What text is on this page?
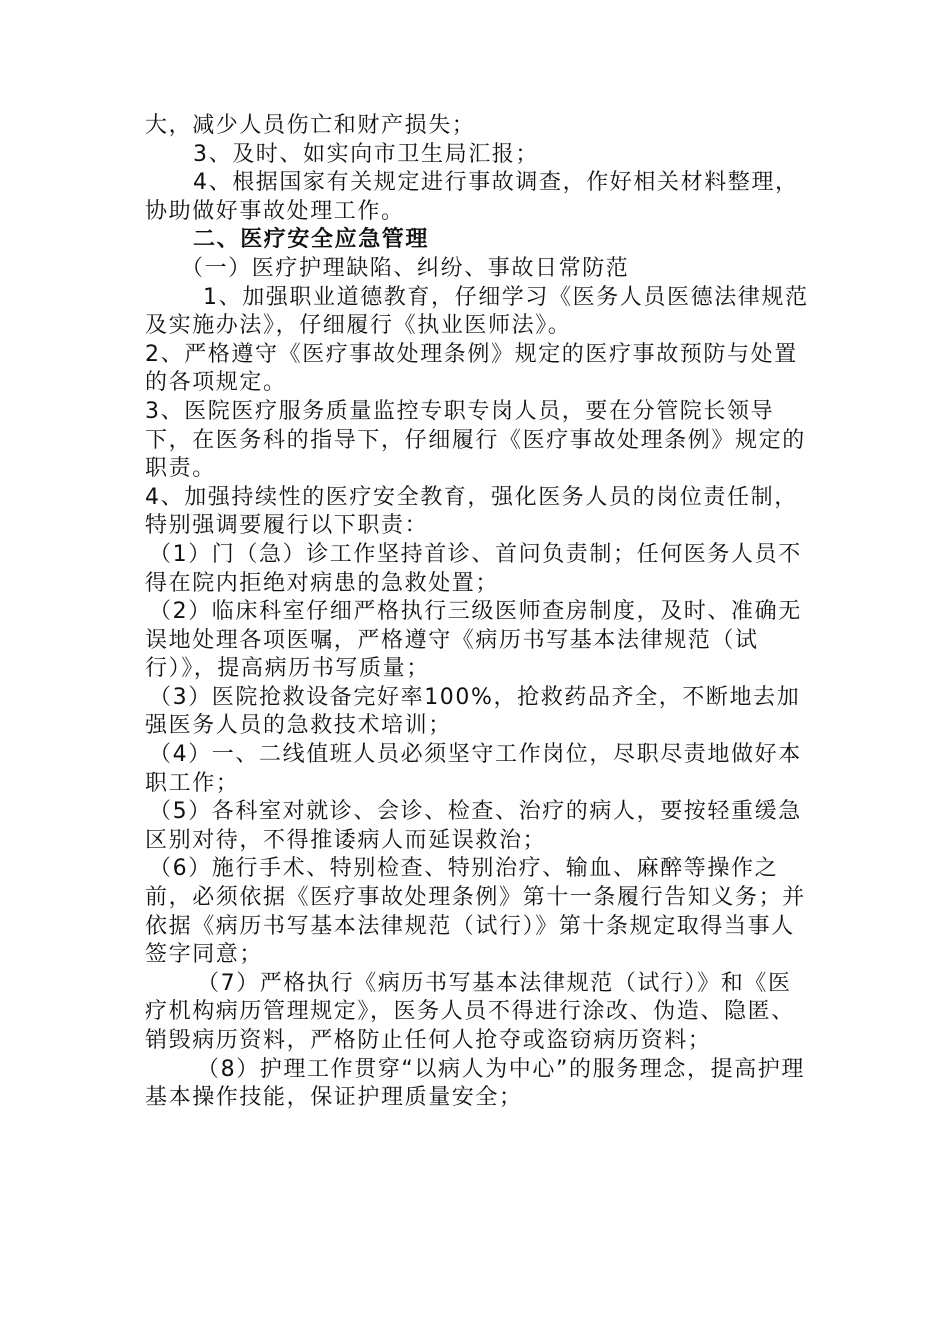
大，减少人员伤亡和财产损失；

3、及时、如实向市卫生局汇报；

4、根据国家有关规定进行事故调查，作好相关材料整理，协助做好事故处理工作。

二、医疗安全应急管理

（一）医疗护理缺陷、纠纷、事故日常防范

1、加强职业道德教育，仔细学习《医务人员医德法律规范及实施办法》，仔细履行《执业医师法》。

2、严格遵守《医疗事故处理条例》规定的医疗事故预防与处置的各项规定。

3、医院医疗服务质量监控专职专岗人员，要在分管院长领导下，在医务科的指导下，仔细履行《医疗事故处理条例》规定的职责。

4、加强持续性的医疗安全教育，强化医务人员的岗位责任制，特别强调要履行以下职责：

（1）门（急）诊工作坚持首诊、首问负责制；任何医务人员不得在院内拒绝对病患的急救处置；

（2）临床科室仔细严格执行三级医师查房制度，及时、准确无误地处理各项医嘱，严格遵守《病历书写基本法律规范（试行）》，提高病历书写质量；

（3）医院抢救设备完好率100%，抢救药品齐全，不断地去加强医务人员的急救技术培训；

（4）一、二线值班人员必须坚守工作岗位，尽职尽责地做好本职工作；

（5）各科室对就诊、会诊、检查、治疗的病人，要按轻重缓急区别对待，不得推诿病人而延误救治；

（6）施行手术、特别检查、特别治疗、输血、麻醉等操作之前，必须依据《医疗事故处理条例》第十一条履行告知义务；并依据《病历书写基本法律规范（试行）》第十条规定取得当事人签字同意；

（7）严格执行《病历书写基本法律规范（试行）》和《医疗机构病历管理规定》，医务人员不得进行涂改、伪造、隐匿、销毁病历资料，严格防止任何人抢夺或盗窃病历资料；

（8）护理工作贯穿“以病人为中心”的服务理念，提高护理基本操作技能，保证护理质量安全；
